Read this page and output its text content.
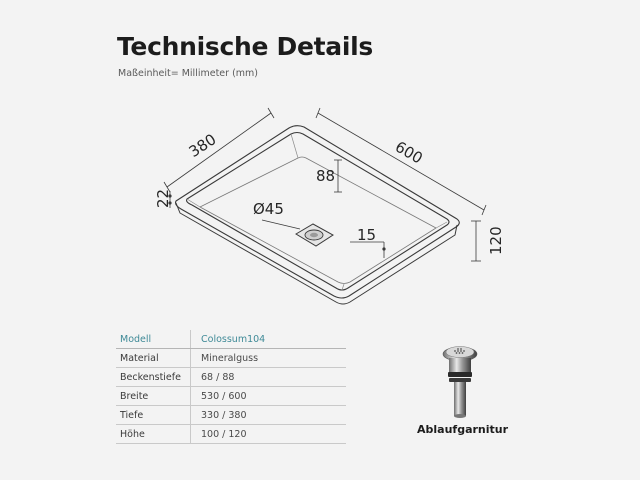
Technische Details
Maßeinheit= Millimeter (mm)
380	600
22
88
Ø45
15	120
Modell	Colossum104
Material	Mineralguss
Beckenstiefe	68 / 88
Breite	530 / 600
Tiefe	330 / 380
Höhe	100 / 120	Ablaufgarnitur
